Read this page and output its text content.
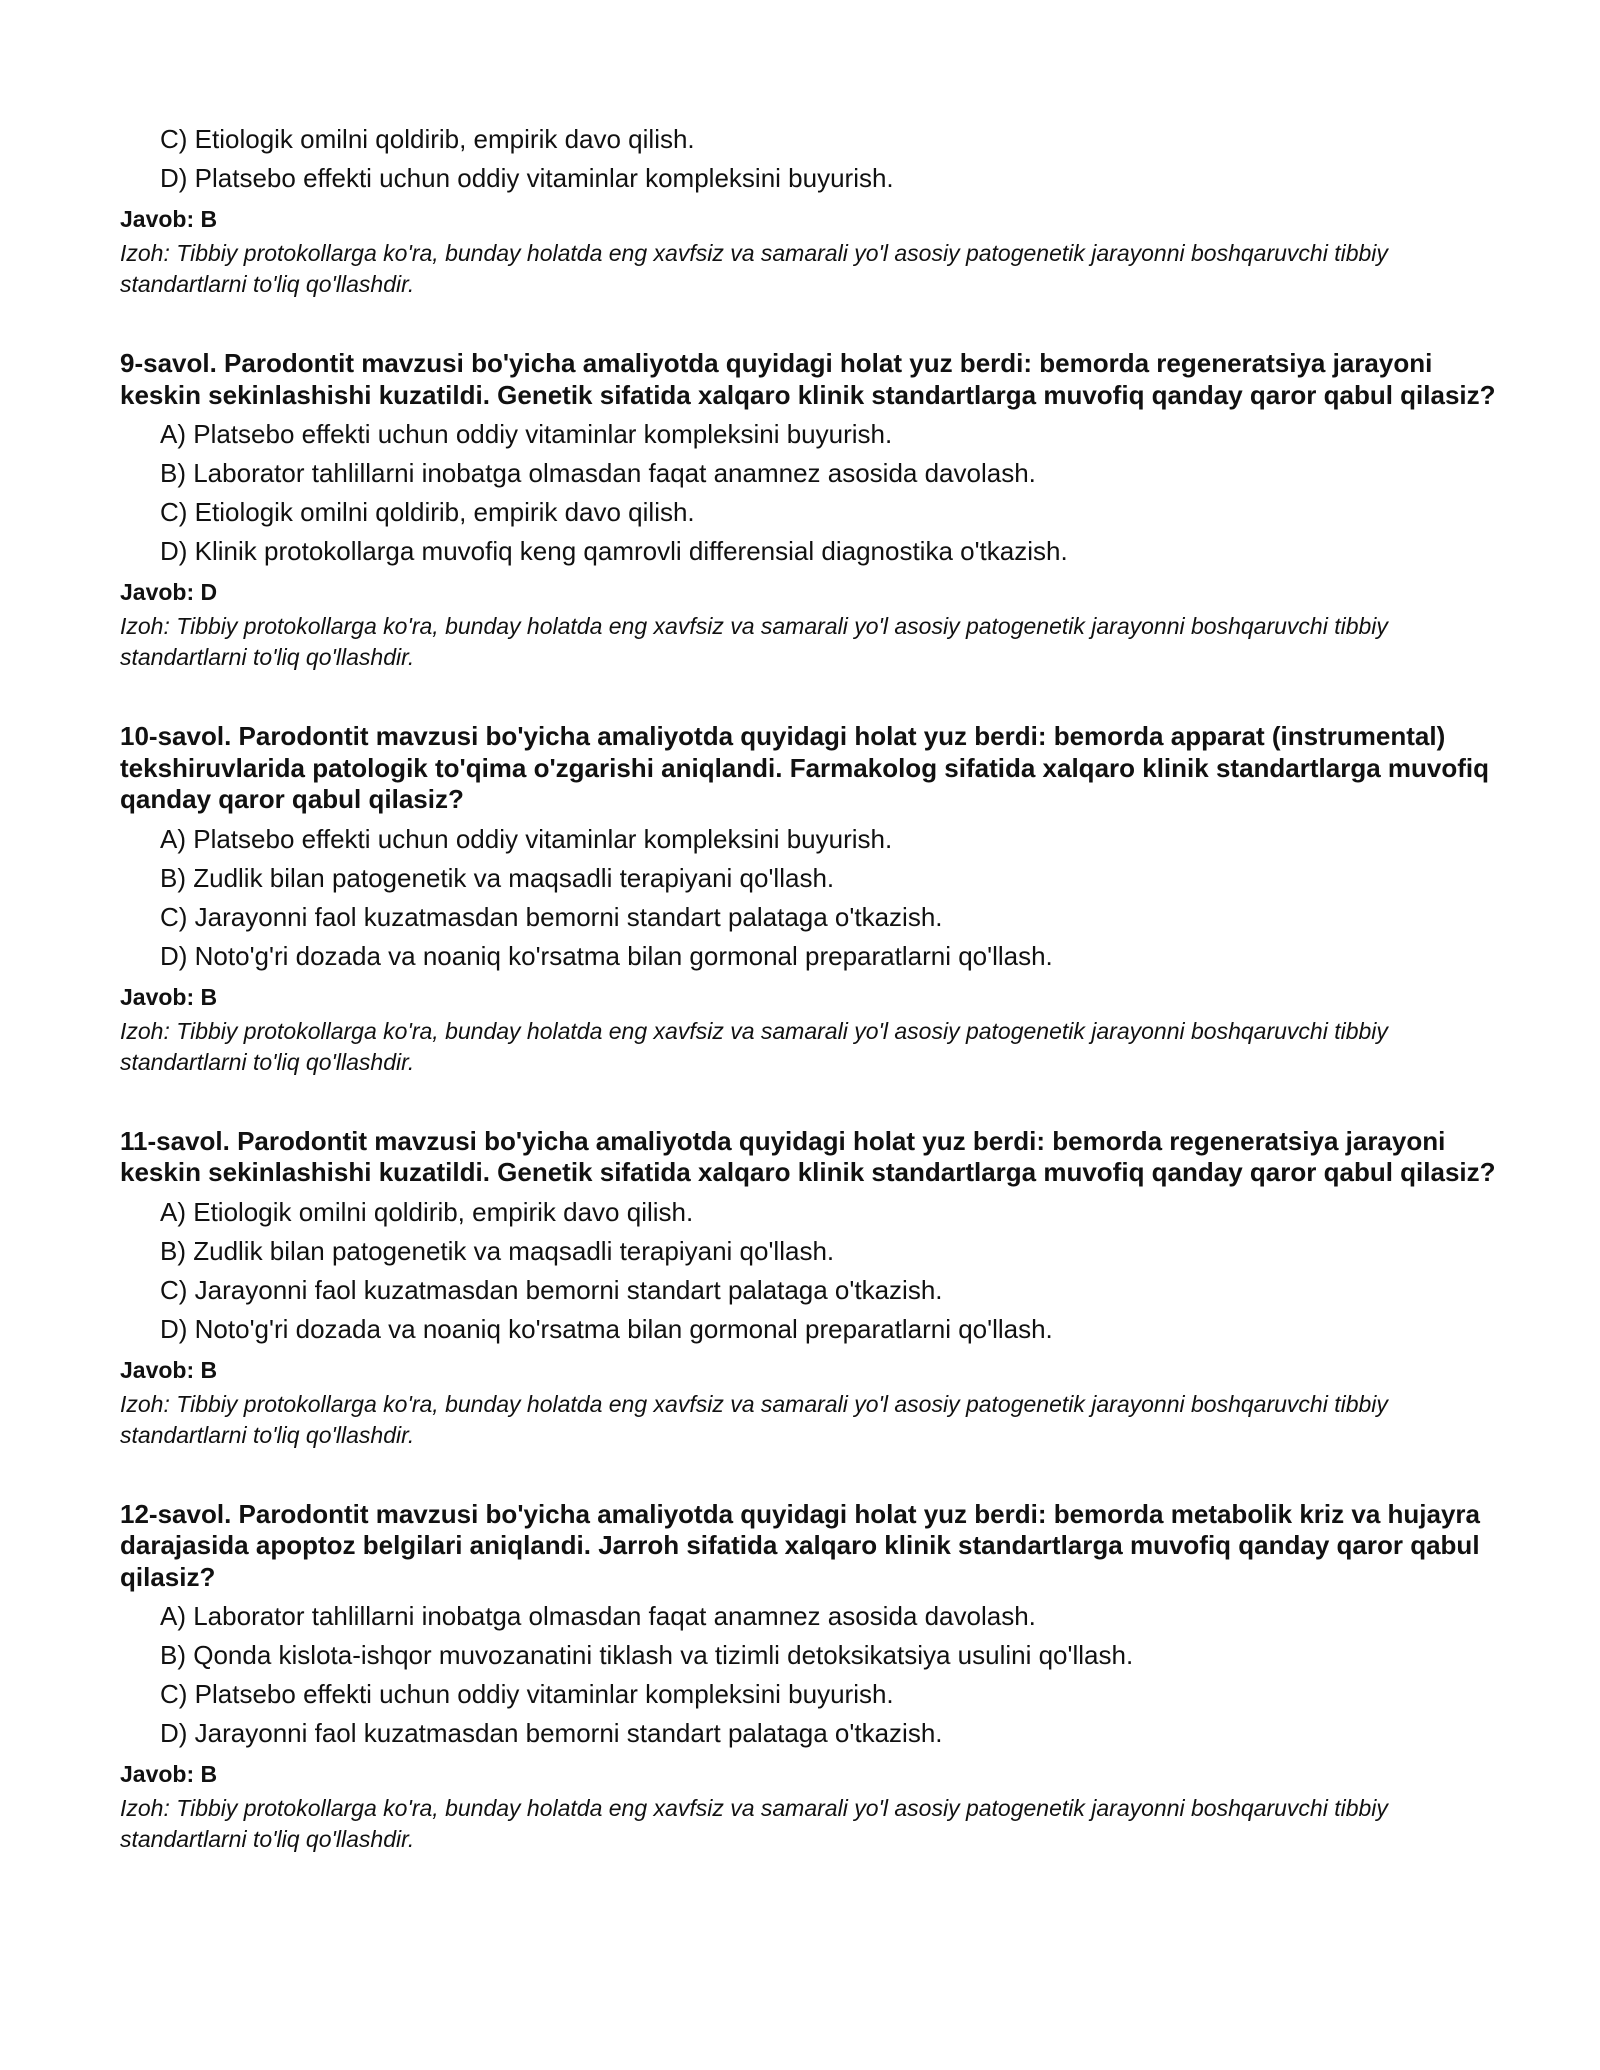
C) Etiologik omilni qoldirib, empirik davo qilish.
D) Platsebo effekti uchun oddiy vitaminlar kompleksini buyurish.

Javob: B

Izoh: Tibbiy protokollarga ko'ra, bunday holatda eng xavfsiz va samarali yo'l asosiy patogenetik jarayonni boshqaruvchi tibbiy standartlarni to'liq qo'llashdir.

9-savol. Parodontit mavzusi bo'yicha amaliyotda quyidagi holat yuz berdi: bemorda regeneratsiya jarayoni keskin sekinlashishi kuzatildi. Genetik sifatida xalqaro klinik standartlarga muvofiq qanday qaror qabul qilasiz?

A) Platsebo effekti uchun oddiy vitaminlar kompleksini buyurish.
B) Laborator tahlillarni inobatga olmasdan faqat anamnez asosida davolash.
C) Etiologik omilni qoldirib, empirik davo qilish.
D) Klinik protokollarga muvofiq keng qamrovli differensial diagnostika o'tkazish.

Javob: D

Izoh: Tibbiy protokollarga ko'ra, bunday holatda eng xavfsiz va samarali yo'l asosiy patogenetik jarayonni boshqaruvchi tibbiy standartlarni to'liq qo'llashdir.

10-savol. Parodontit mavzusi bo'yicha amaliyotda quyidagi holat yuz berdi: bemorda apparat (instrumental) tekshiruvlarida patologik to'qima o'zgarishi aniqlandi. Farmakolog sifatida xalqaro klinik standartlarga muvofiq qanday qaror qabul qilasiz?

A) Platsebo effekti uchun oddiy vitaminlar kompleksini buyurish.
B) Zudlik bilan patogenetik va maqsadli terapiyani qo'llash.
C) Jarayonni faol kuzatmasdan bemorni standart palataga o'tkazish.
D) Noto'g'ri dozada va noaniq ko'rsatma bilan gormonal preparatlarni qo'llash.

Javob: B

Izoh: Tibbiy protokollarga ko'ra, bunday holatda eng xavfsiz va samarali yo'l asosiy patogenetik jarayonni boshqaruvchi tibbiy standartlarni to'liq qo'llashdir.

11-savol. Parodontit mavzusi bo'yicha amaliyotda quyidagi holat yuz berdi: bemorda regeneratsiya jarayoni keskin sekinlashishi kuzatildi. Genetik sifatida xalqaro klinik standartlarga muvofiq qanday qaror qabul qilasiz?

A) Etiologik omilni qoldirib, empirik davo qilish.
B) Zudlik bilan patogenetik va maqsadli terapiyani qo'llash.
C) Jarayonni faol kuzatmasdan bemorni standart palataga o'tkazish.
D) Noto'g'ri dozada va noaniq ko'rsatma bilan gormonal preparatlarni qo'llash.

Javob: B

Izoh: Tibbiy protokollarga ko'ra, bunday holatda eng xavfsiz va samarali yo'l asosiy patogenetik jarayonni boshqaruvchi tibbiy standartlarni to'liq qo'llashdir.

12-savol. Parodontit mavzusi bo'yicha amaliyotda quyidagi holat yuz berdi: bemorda metabolik kriz va hujayra darajasida apoptoz belgilari aniqlandi. Jarroh sifatida xalqaro klinik standartlarga muvofiq qanday qaror qabul qilasiz?

A) Laborator tahlillarni inobatga olmasdan faqat anamnez asosida davolash.
B) Qonda kislota-ishqor muvozanatini tiklash va tizimli detoksikatsiya usulini qo'llash.
C) Platsebo effekti uchun oddiy vitaminlar kompleksini buyurish.
D) Jarayonni faol kuzatmasdan bemorni standart palataga o'tkazish.

Javob: B

Izoh: Tibbiy protokollarga ko'ra, bunday holatda eng xavfsiz va samarali yo'l asosiy patogenetik jarayonni boshqaruvchi tibbiy standartlarni to'liq qo'llashdir.
